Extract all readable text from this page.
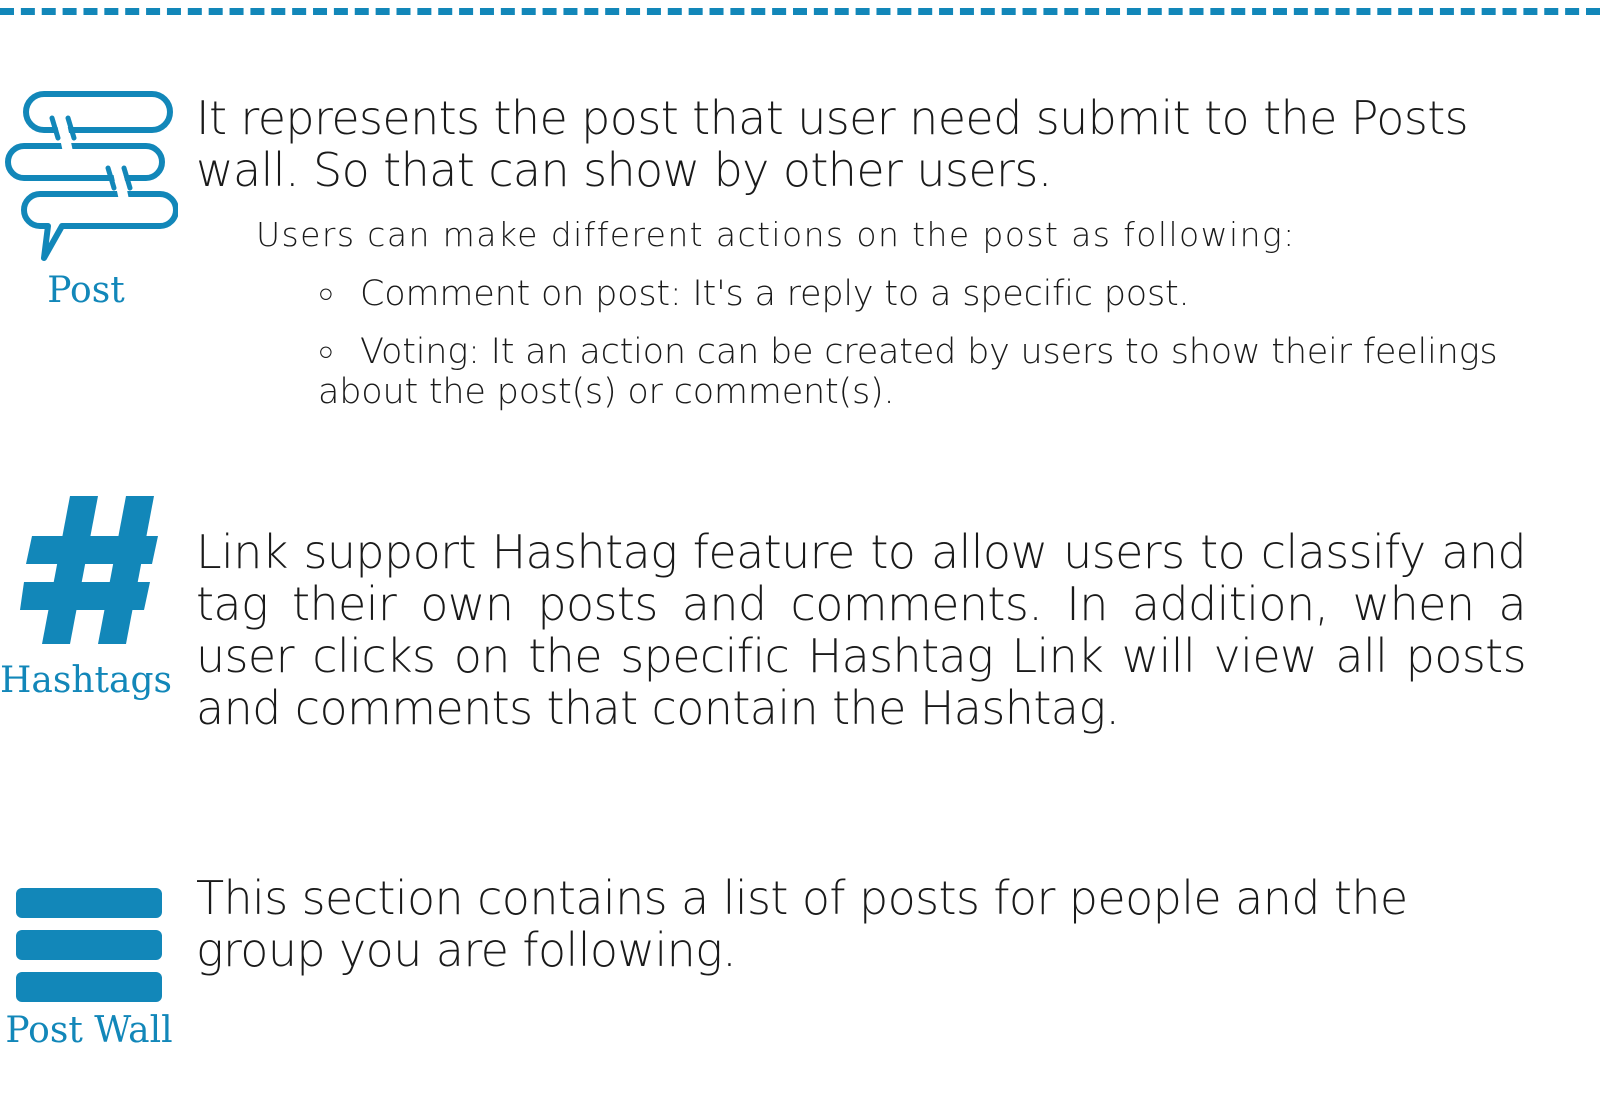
Post

It represents the post that user need submit to the Posts wall. So that can show by other users.

Users can make different actions on the post as following:

○ Comment on post: It's a reply to a specific post.

○ Voting: It an action can be created by users to show their feelings about the post(s) or comment(s).

Hashtags

Link support Hashtag feature to allow users to classify and tag their own posts and comments. In addition, when a user clicks on the specific Hashtag Link will view all posts and comments that contain the Hashtag.

Post Wall

This section contains a list of posts for people and the group you are following.
